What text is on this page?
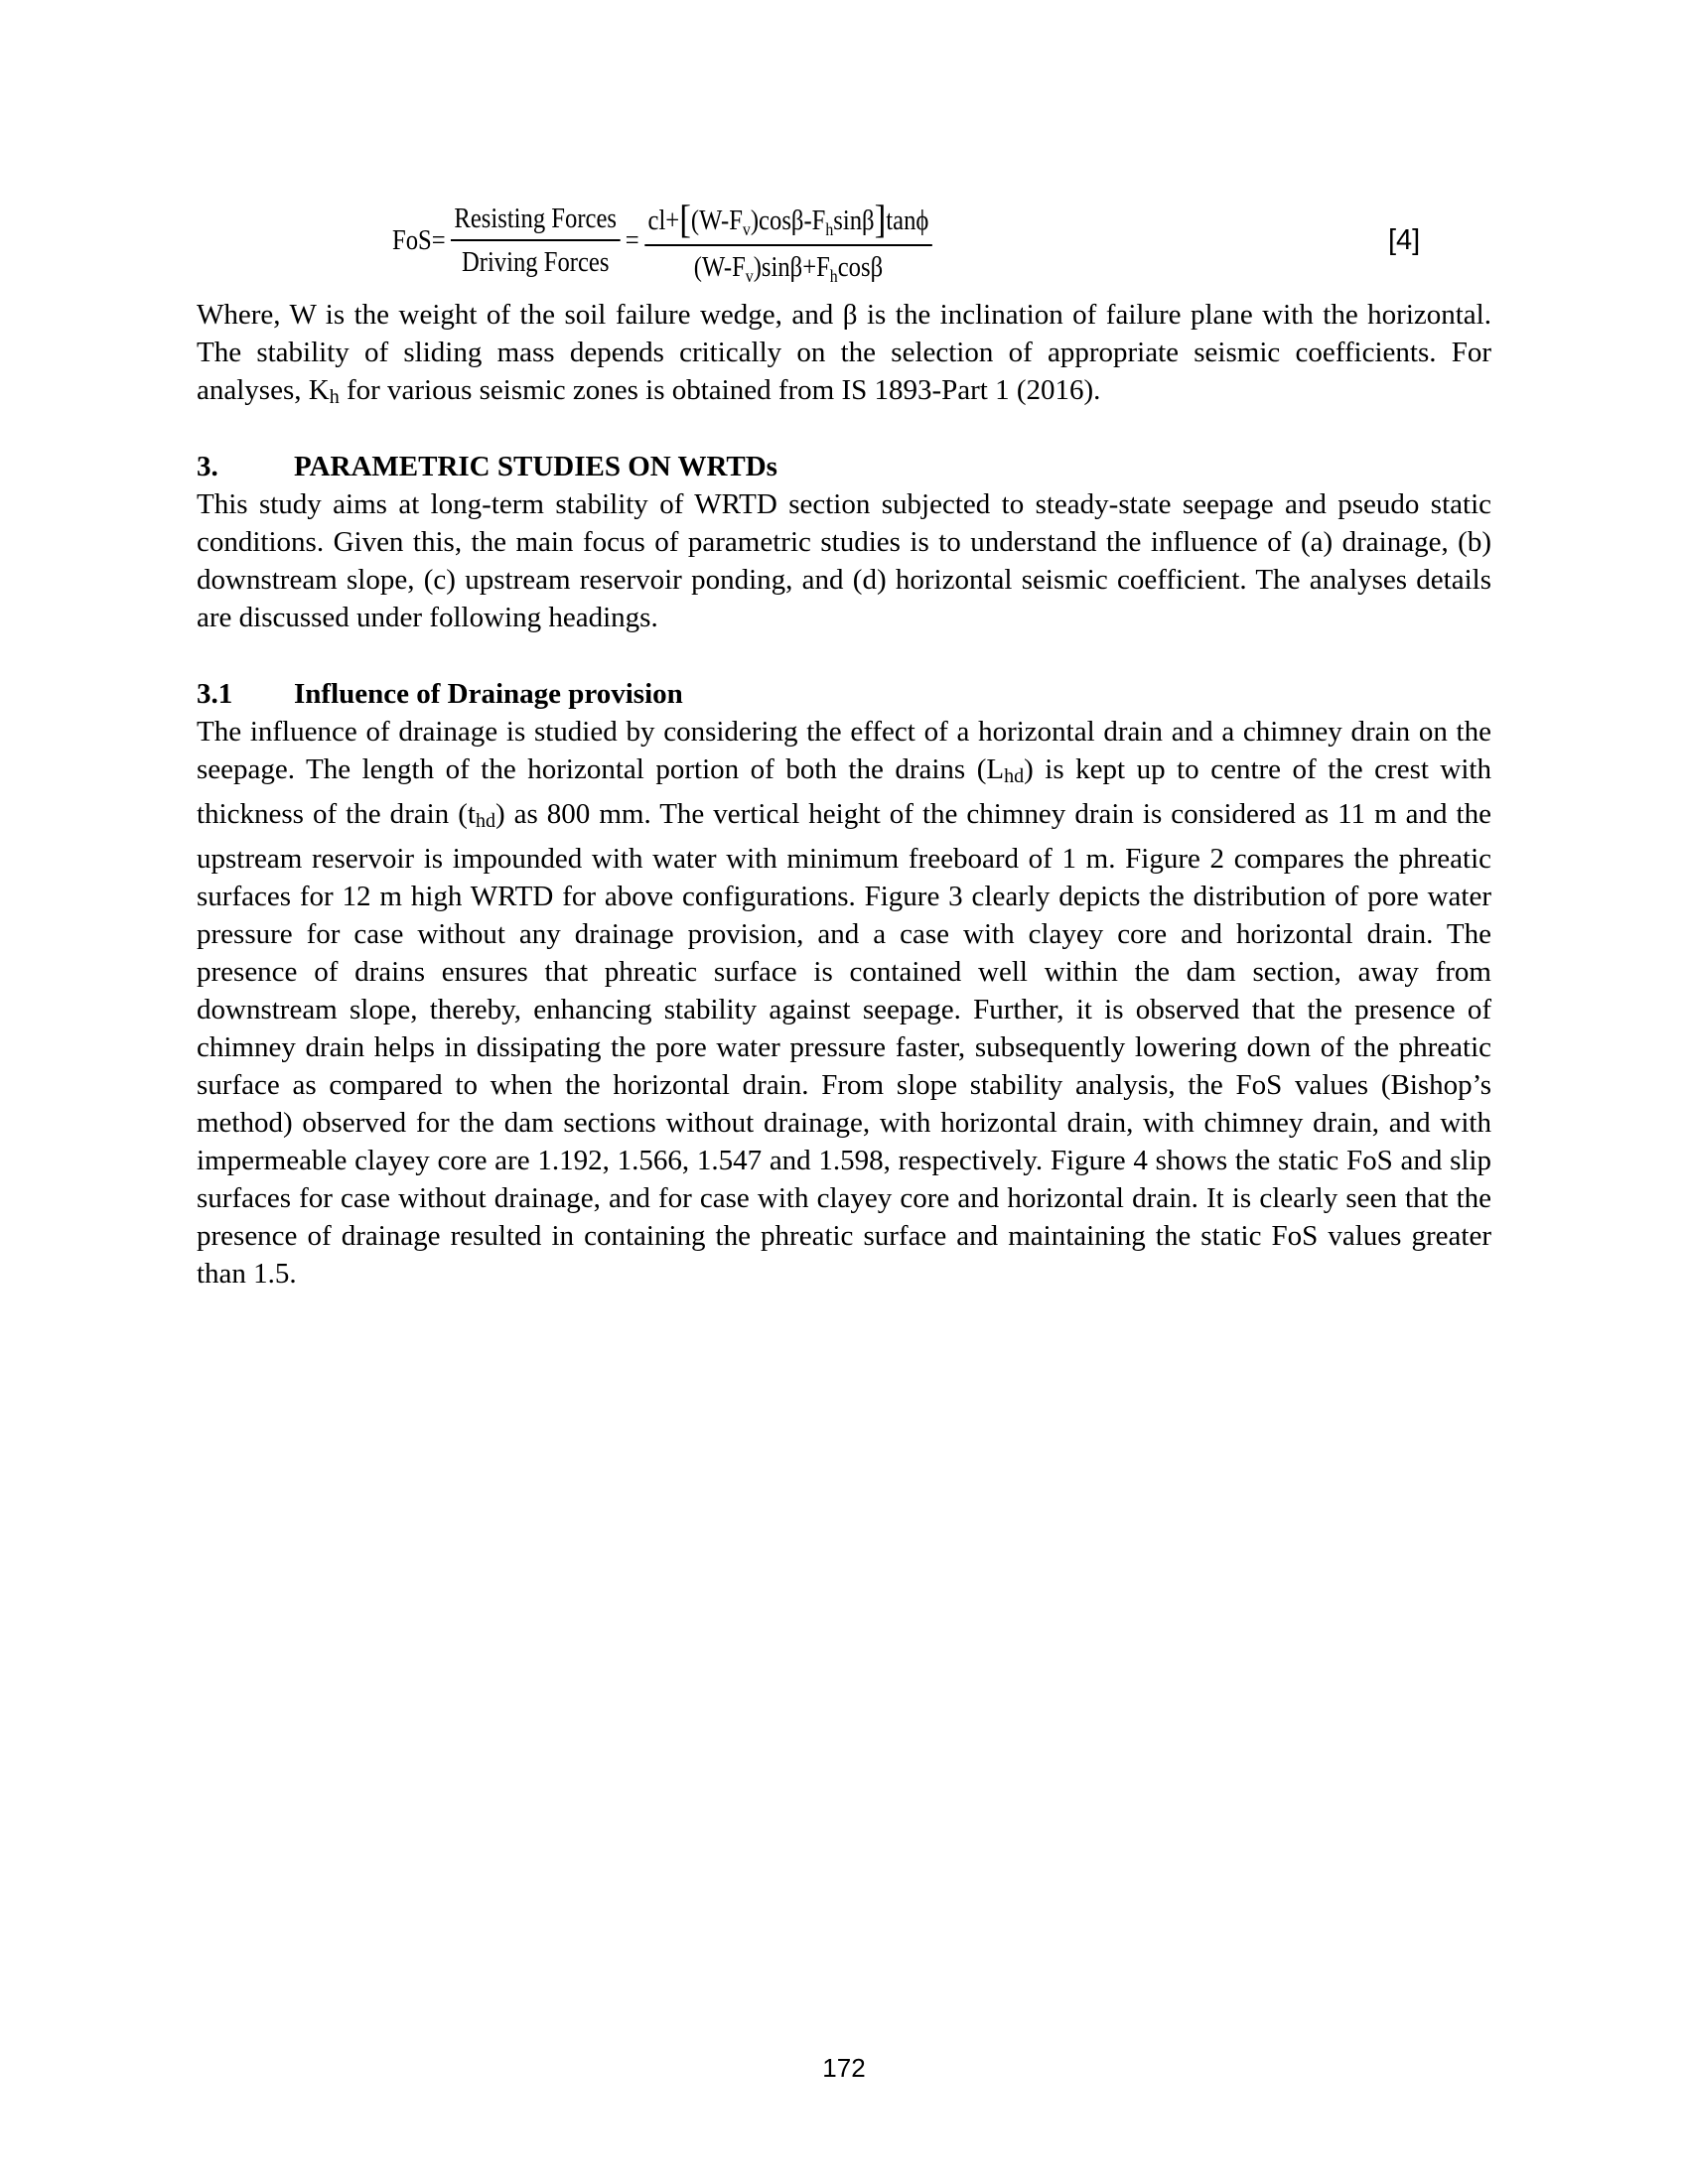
$FoS= \frac{\text{Resisting Forces}}{\text{Driving Forces}} = \frac{cl+[(W-F_v)\cos\beta-F_h\sin\beta]\tan\phi}{(W-F_v)\sin\beta+F_h\cos\beta}$	[4]

Where, W is the weight of the soil failure wedge, and β is the inclination of failure plane with the horizontal. The stability of sliding mass depends critically on the selection of appropriate seismic coefficients. For analyses, $K_h$ for various seismic zones is obtained from IS 1893-Part 1 (2016).

3.	PARAMETRIC STUDIES ON WRTDs

This study aims at long-term stability of WRTD section subjected to steady-state seepage and pseudo static conditions. Given this, the main focus of parametric studies is to understand the influence of (a) drainage, (b) downstream slope, (c) upstream reservoir ponding, and (d) horizontal seismic coefficient. The analyses details are discussed under following headings.

3.1 Influence of Drainage provision

The influence of drainage is studied by considering the effect of a horizontal drain and a chimney drain on the seepage. The length of the horizontal portion of both the drains $(L_{hd})$ is kept up to centre of the crest with thickness of the drain $(t_{hd})$ as 800 mm. The vertical height of the chimney drain is considered as 11 m and the upstream reservoir is impounded with water with minimum freeboard of 1 m. Figure 2 compares the phreatic surfaces for 12 m high WRTD for above configurations. Figure 3 clearly depicts the distribution of pore water pressure for case without any drainage provision, and a case with clayey core and horizontal drain. The presence of drains ensures that phreatic surface is contained well within the dam section, away from downstream slope, thereby, enhancing stability against seepage. Further, it is observed that the presence of chimney drain helps in dissipating the pore water pressure faster, subsequently lowering down of the phreatic surface as compared to when the horizontal drain. From slope stability analysis, the FoS values (Bishop’s method) observed for the dam sections without drainage, with horizontal drain, with chimney drain, and with impermeable clayey core are 1.192, 1.566, 1.547 and 1.598, respectively. Figure 4 shows the static FoS and slip surfaces for case without drainage, and for case with clayey core and horizontal drain. It is clearly seen that the presence of drainage resulted in containing the phreatic surface and maintaining the static FoS values greater than 1.5.

172
